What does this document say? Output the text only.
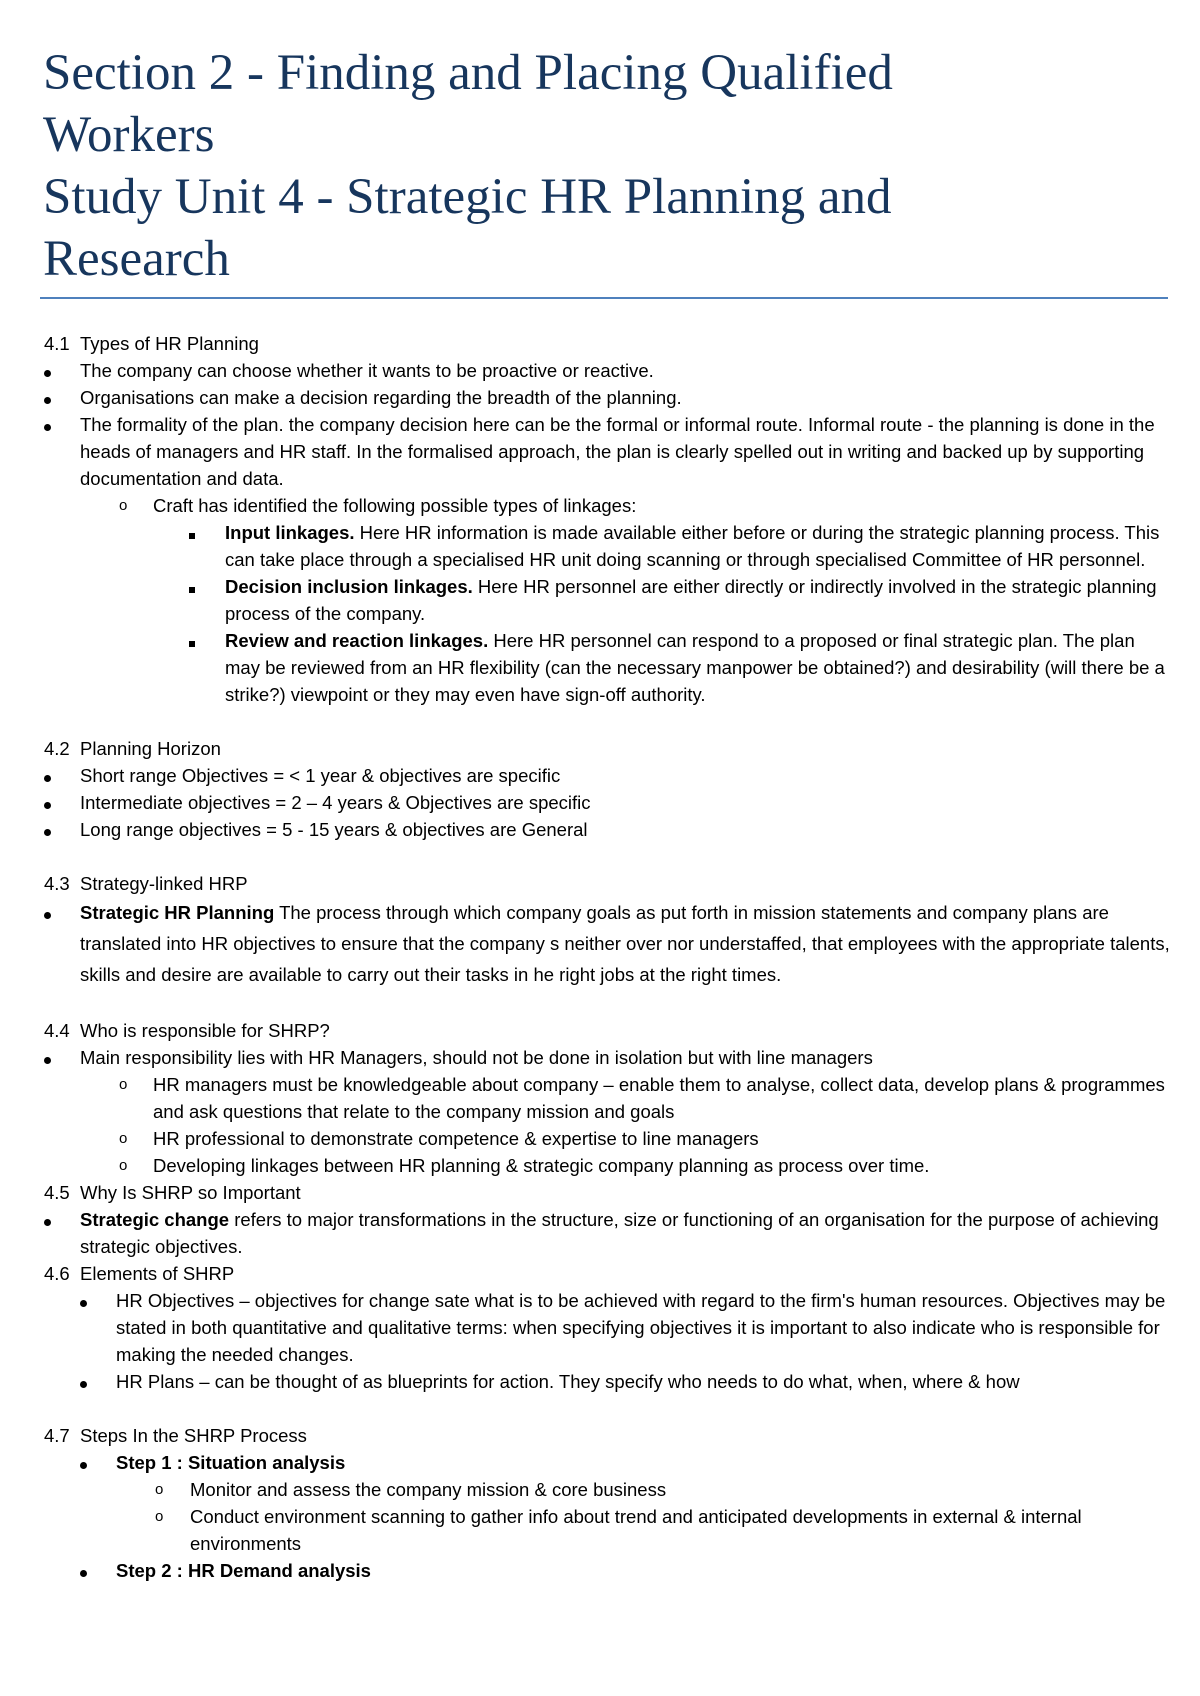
Section 2 - Finding and Placing Qualified
Workers
Study Unit 4 - Strategic HR Planning and
Research
4.1 Types of HR Planning
The company can choose whether it wants to be proactive or reactive.
Organisations can make a decision regarding the breadth of the planning.
The formality of the plan. the company decision here can be the formal or informal route. Informal route - the planning is done in the heads of managers and HR staff. In the formalised approach, the plan is clearly spelled out in writing and backed up by supporting documentation and data.
o Craft has identified the following possible types of linkages:
Input linkages. Here HR information is made available either before or during the strategic planning process. This can take place through a specialised HR unit doing scanning or through specialised Committee of HR personnel.
Decision inclusion linkages. Here HR personnel are either directly or indirectly involved in the strategic planning process of the company.
Review and reaction linkages. Here HR personnel can respond to a proposed or final strategic plan. The plan may be reviewed from an HR flexibility (can the necessary manpower be obtained?) and desirability (will there be a strike?) viewpoint or they may even have sign-off authority.
4.2 Planning Horizon
Short range Objectives = < 1 year & objectives are specific
Intermediate objectives = 2 – 4 years & Objectives are specific
Long range objectives = 5 - 15 years & objectives are General
4.3 Strategy-linked HRP
Strategic HR Planning The process through which company goals as put forth in mission statements and company plans are translated into HR objectives to ensure that the company s neither over nor understaffed, that employees with the appropriate talents, skills and desire are available to carry out their tasks in he right jobs at the right times.
4.4 Who is responsible for SHRP?
Main responsibility lies with HR Managers, should not be done in isolation but with line managers
o HR managers must be knowledgeable about company – enable them to analyse, collect data, develop plans & programmes and ask questions that relate to the company mission and goals
o HR professional to demonstrate competence & expertise to line managers
o Developing linkages between HR planning & strategic company planning as process over time.
4.5 Why Is SHRP so Important
Strategic change refers to major transformations in the structure, size or functioning of an organisation for the purpose of achieving strategic objectives.
4.6 Elements of SHRP
HR Objectives – objectives for change sate what is to be achieved with regard to the firm's human resources. Objectives may be stated in both quantitative and qualitative terms: when specifying objectives it is important to also indicate who is responsible for making the needed changes.
HR Plans – can be thought of as blueprints for action. They specify who needs to do what, when, where & how
4.7 Steps In the SHRP Process
Step 1 : Situation analysis
o Monitor and assess the company mission & core business
o Conduct environment scanning to gather info about trend and anticipated developments in external & internal environments
Step 2 : HR Demand analysis
